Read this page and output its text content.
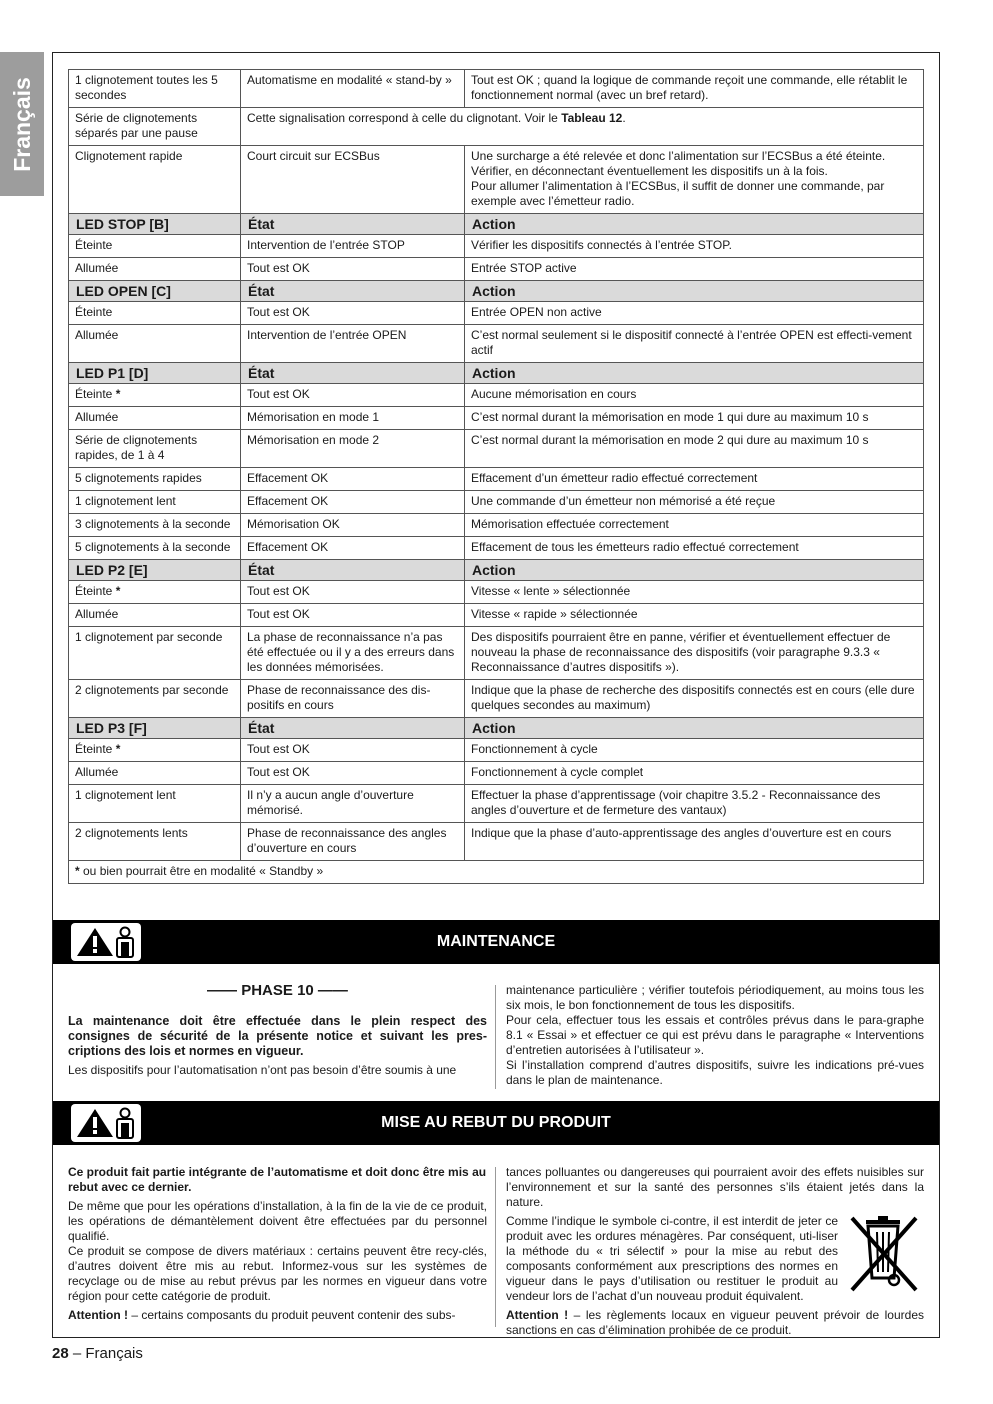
Français	1 clignotement toutes les 5 secondes	Automatisme en modalité « stand-by »	Tout est OK ; quand la logique de commande reçoit une commande, elle rétablit le fonctionnement normal (avec un bref retard).
Série de clignotements séparés par une pause	Cette signalisation correspond à celle du clignotant. Voir le Tableau 12.	
Clignotement rapide	Court circuit sur ECSBus	Une surcharge a été relevée et donc l’alimentation sur l’ECSBus a été éteinte. Vérifier, en déconnectant éventuellement les dispositifs un à la fois.
Pour allumer l’alimentation à l’ECSBus, il suffit de donner une commande, par exemple avec l’émetteur radio.
LED STOP [B]	État	Action
Éteinte	Intervention de l’entrée STOP	Vérifier les dispositifs connectés à l’entrée STOP.
Allumée	Tout est OK	Entrée STOP active
LED OPEN [C]	État	Action
Éteinte	Tout est OK	Entrée OPEN non active
Allumée	Intervention de l’entrée OPEN	C’est normal seulement si le dispositif connecté à l’entrée OPEN est effecti-vement actif
LED P1 [D]	État	Action
Éteinte *	Tout est OK	Aucune mémorisation en cours
Allumée	Mémorisation en mode 1	C’est normal durant la mémorisation en mode 1 qui dure au maximum 10 s
Série de clignotements rapides, de 1 à 4	Mémorisation en mode 2	C’est normal durant la mémorisation en mode 2 qui dure au maximum 10 s
5 clignotements rapides	Effacement OK	Effacement d’un émetteur radio effectué correctement
1 clignotement lent	Effacement OK	Une commande d’un émetteur non mémorisé a été reçue
3 clignotements à la seconde	Mémorisation OK	Mémorisation effectuée correctement
5 clignotements à la seconde	Effacement OK	Effacement de tous les émetteurs radio effectué correctement
LED P2 [E]	État	Action
Éteinte *	Tout est OK	Vitesse « lente » sélectionnée
Allumée	Tout est OK	Vitesse « rapide » sélectionnée
1 clignotement par seconde	La phase de reconnaissance n’a pas été effectuée ou il y a des erreurs dans les données mémorisées.	Des dispositifs pourraient être en panne, vérifier et éventuellement effectuer de nouveau la phase de reconnaissance des dispositifs (voir paragraphe 9.3.3 « Reconnaissance d’autres dispositifs »).
2 clignotements par seconde	Phase de reconnaissance des dis-positifs en cours	Indique que la phase de recherche des dispositifs connectés est en cours (elle dure quelques secondes au maximum)
LED P3 [F]	État	Action
Éteinte *	Tout est OK	Fonctionnement à cycle
Allumée	Tout est OK	Fonctionnement à cycle complet
1 clignotement lent	Il n’y a aucun angle d’ouverture mémorisé.	Effectuer la phase d’apprentissage (voir chapitre 3.5.2 - Reconnaissance des angles d’ouverture et de fermeture des vantaux)
2 clignotements lents	Phase de reconnaissance des angles d’ouverture en cours	Indique que la phase d’auto-apprentissage des angles d’ouverture est en cours
* ou bien pourrait être en modalité « Standby »		
MAINTENANCE
—— PHASE 10 ——

La maintenance doit être effectuée dans le plein respect des consignes de sécurité de la présente notice et suivant les pres-criptions des lois et normes en vigueur.

Les dispositifs pour l’automatisation n’ont pas besoin d’être soumis à une

maintenance particulière ; vérifier toutefois périodiquement, au moins tous les six mois, le bon fonctionnement de tous les dispositifs.

Pour cela, effectuer tous les essais et contrôles prévus dans le para-graphe 8.1 « Essai » et effectuer ce qui est prévu dans le paragraphe « Interventions d’entretien autorisées à l’utilisateur ».

Si l’installation comprend d’autres dispositifs, suivre les indications pré-vues dans le plan de maintenance.

MISE AU REBUT DU PRODUIT

Ce produit fait partie intégrante de l’automatisme et doit donc être mis au rebut avec ce dernier.

De même que pour les opérations d’installation, à la fin de la vie de ce produit, les opérations de démantèlement doivent être effectuées par du personnel qualifié.

Ce produit se compose de divers matériaux : certains peuvent être recy-clés, d’autres doivent être mis au rebut. Informez-vous sur les systèmes de recyclage ou de mise au rebut prévus par les normes en vigueur dans votre région pour cette catégorie de produit.

Attention ! – certains composants du produit peuvent contenir des subs-

tances polluantes ou dangereuses qui pourraient avoir des effets nuisibles sur l’environnement et sur la santé des personnes s’ils étaient jetés dans la nature.

Comme l’indique le symbole ci-contre, il est interdit de jeter ce produit avec les ordures ménagères. Par conséquent, uti-liser la méthode du « tri sélectif » pour la mise au rebut des composants conformément aux prescriptions des normes en vigueur dans le pays d’utilisation ou restituer le produit au vendeur lors de l’achat d’un nouveau produit équivalent.

Attention ! – les règlements locaux en vigueur peuvent prévoir de lourdes sanctions en cas d’élimination prohibée de ce produit.

28 – Français
